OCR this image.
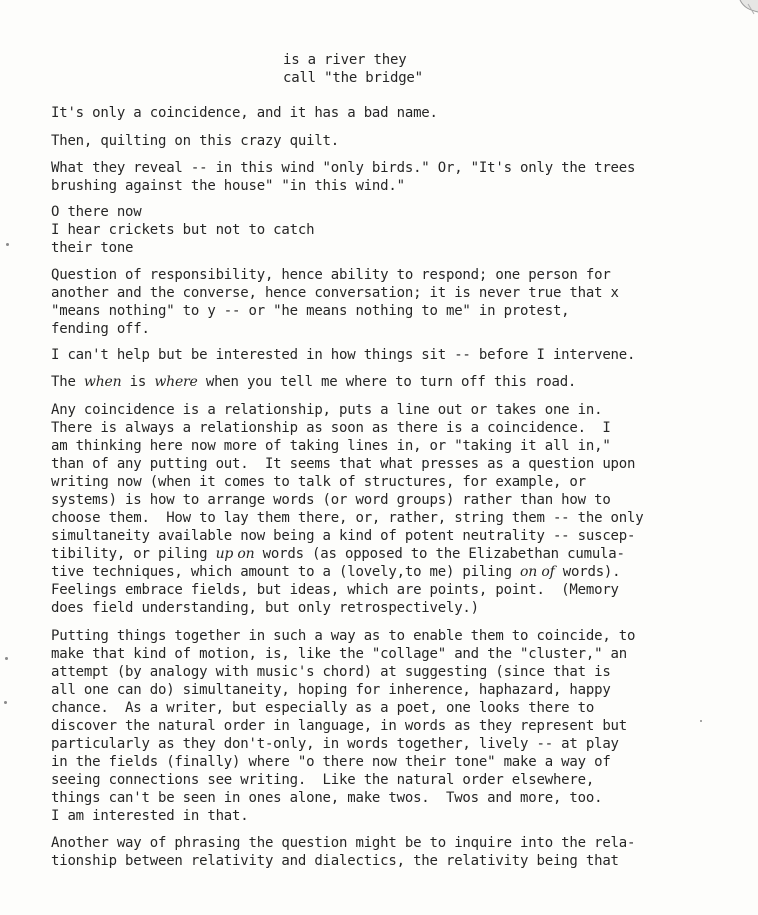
is a river they
call "the bridge"
It's only a coincidence, and it has a bad name.
Then, quilting on this crazy quilt.
What they reveal -- in this wind "only birds." Or, "It's only the trees
brushing against the house" "in this wind."
O there now
I hear crickets but not to catch
their tone
Question of responsibility, hence ability to respond; one person for
another and the converse, hence conversation; it is never true that x
"means nothing" to y -- or "he means nothing to me" in protest,
fending off.
I can't help but be interested in how things sit -- before I intervene.
The when is where when you tell me where to turn off this road.
Any coincidence is a relationship, puts a line out or takes one in.
There is always a relationship as soon as there is a coincidence.  I
am thinking here now more of taking lines in, or "taking it all in,"
than of any putting out.  It seems that what presses as a question upon
writing now (when it comes to talk of structures, for example, or
systems) is how to arrange words (or word groups) rather than how to
choose them.  How to lay them there, or, rather, string them -- the only
simultaneity available now being a kind of potent neutrality -- suscep-
tibility, or piling up on words (as opposed to the Elizabethan cumula-
tive techniques, which amount to a (lovely,to me) piling on of words).
Feelings embrace fields, but ideas, which are points, point.  (Memory
does field understanding, but only retrospectively.)
Putting things together in such a way as to enable them to coincide, to
make that kind of motion, is, like the "collage" and the "cluster," an
attempt (by analogy with music's chord) at suggesting (since that is
all one can do) simultaneity, hoping for inherence, haphazard, happy
chance.  As a writer, but especially as a poet, one looks there to
discover the natural order in language, in words as they represent but
particularly as they don't-only, in words together, lively -- at play
in the fields (finally) where "o there now their tone" make a way of
seeing connections see writing.  Like the natural order elsewhere,
things can't be seen in ones alone, make twos.  Twos and more, too.
I am interested in that.
Another way of phrasing the question might be to inquire into the rela-
tionship between relativity and dialectics, the relativity being that
